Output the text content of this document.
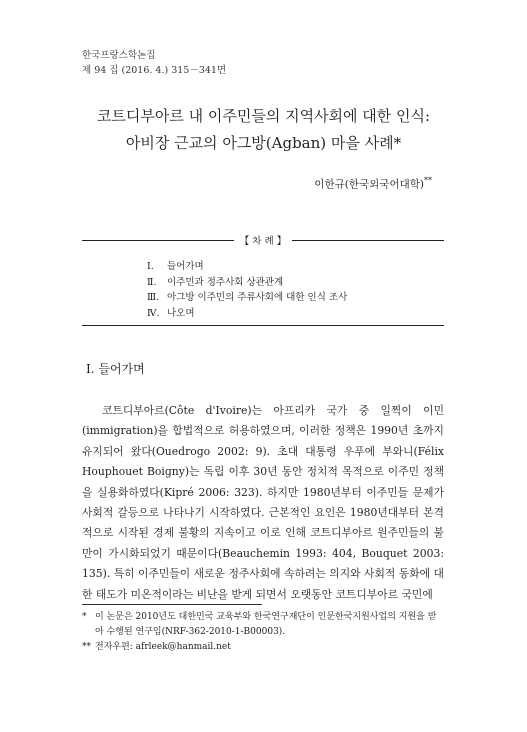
한국프랑스학논집
제 94 집 (2016. 4.) 315－341면
코트디부아르 내 이주민들의 지역사회에 대한 인식:
아비장 근교의 아그방(Agban) 마을 사례*
이한규(한국외국어대학)**
【 차 례 】
Ⅰ. 들어가며
Ⅱ. 이주민과 정주사회 상관관계
Ⅲ. 아그방 이주민의 주류사회에 대한 인식 조사
Ⅳ. 나오며
Ⅰ. 들어가며

코트디부아르(Côte d'Ivoire)는 아프리카 국가 중 일찍이 이민(immigration)을 합법적으로 허용하였으며, 이러한 정책은 1990년 초까지 유지되어 왔다(Ouedrogo 2002: 9). 초대 대통령 우푸에 부와니(Félix Houphouet Boigny)는 독립 이후 30년 동안 정치적 목적으로 이주민 정책을 실용화하였다(Kipré 2006: 323). 하지만 1980년부터 이주민들 문제가 사회적 갈등으로 나타나기 시작하였다. 근본적인 요인은 1980년대부터 본격적으로 시작된 경제 불황의 지속이고 이로 인해 코트디부아르 원주민들의 불만이 가시화되었기 때문이다(Beauchemin 1993: 404, Bouquet 2003: 135). 특히 이주민들이 새로운 정주사회에 속하려는 의지와 사회적 동화에 대한 태도가 미온적이라는 비난을 받게 되면서 오랫동안 코트디부아르 국민에

* 이 논문은 2010년도 대한민국 교육부와 한국연구재단이 인문한국지원사업의 지원을 받아 수행된 연구임(NRF-362-2010-1-B00003).
** 전자우편: afrleek@hanmail.net
